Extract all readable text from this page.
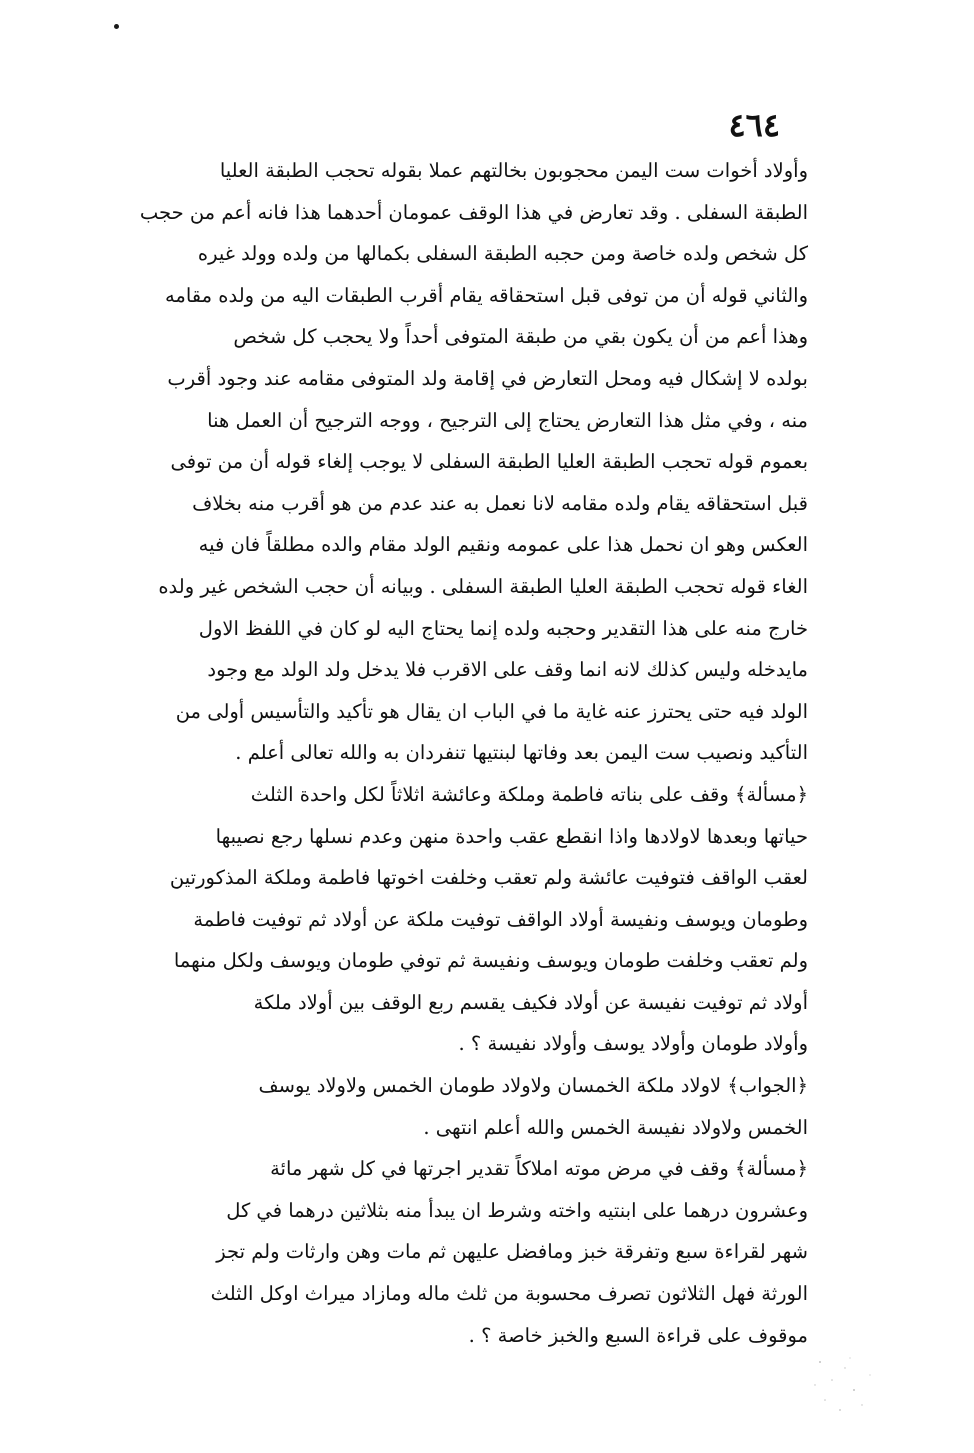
٤٦٤
وأولاد أخوات ست اليمن محجوبون بخالتهم عملا بقوله تحجب الطبقة العليا
الطبقة السفلى . وقد تعارض في هذا الوقف عمومان أحدهما هذا فانه أعم من حجب
كل شخص ولده خاصة ومن حجبه الطبقة السفلى بكمالها من ولده وولد غيره
والثاني قوله أن من توفى قبل استحقاقه يقام أقرب الطبقات اليه من ولده مقامه
وهذا أعم من أن يكون بقي من طبقة المتوفى أحداً ولا يحجب كل شخص
بولده لا إشكال فيه ومحل التعارض في إقامة ولد المتوفى مقامه عند وجود أقرب
منه ، وفي مثل هذا التعارض يحتاج إلى الترجيح ، ووجه الترجيح أن العمل هنا
بعموم قوله تحجب الطبقة العليا الطبقة السفلى لا يوجب إلغاء قوله أن من توفى
قبل استحقاقه يقام ولده مقامه لانا نعمل به عند عدم من هو أقرب منه بخلاف
العكس وهو ان نحمل هذا على عمومه ونقيم الولد مقام والده مطلقاً فان فيه
الغاء قوله تحجب الطبقة العليا الطبقة السفلى . وبيانه أن حجب الشخص غير ولده
خارج منه على هذا التقدير وحجبه ولده إنما يحتاج اليه لو كان في اللفظ الاول
مايدخله وليس كذلك لانه انما وقف على الاقرب فلا يدخل ولد الولد مع وجود
الولد فيه حتى يحترز عنه غاية ما في الباب ان يقال هو تأكيد والتأسيس أولى من
التأكيد ونصيب ست اليمن بعد وفاتها لبنتيها تنفردان به والله تعالى أعلم .
﴿مسألة﴾ وقف على بناته فاطمة وملكة وعائشة اثلاثاً لكل واحدة الثلث
حياتها وبعدها لاولادها واذا انقطع عقب واحدة منهن وعدم نسلها رجع نصيبها
لعقب الواقف فتوفيت عائشة ولم تعقب وخلفت اخوتها فاطمة وملكة المذكورتين
وطومان ويوسف ونفيسة أولاد الواقف توفيت ملكة عن أولاد ثم توفيت فاطمة
ولم تعقب وخلفت طومان ويوسف ونفيسة ثم توفي طومان ويوسف ولكل منهما
أولاد ثم توفيت نفيسة عن أولاد فكيف يقسم ربع الوقف بين أولاد ملكة
وأولاد طومان وأولاد يوسف وأولاد نفيسة ؟ .
﴿الجواب﴾ لاولاد ملكة الخمسان ولاولاد طومان الخمس ولاولاد يوسف
الخمس ولاولاد نفيسة الخمس والله أعلم انتهى .
﴿مسألة﴾ وقف في مرض موته املاكاً تقدير اجرتها في كل شهر مائة
وعشرون درهما على ابنتيه واخته وشرط ان يبدأ منه بثلاثين درهما في كل
شهر لقراءة سبع وتفرقة خبز ومافضل عليهن ثم مات وهن وارثات ولم تجز
الورثة فهل الثلاثون تصرف محسوبة من ثلث ماله ومازاد ميراث اوكل الثلث
موقوف على قراءة السبع والخبز خاصة ؟ .
